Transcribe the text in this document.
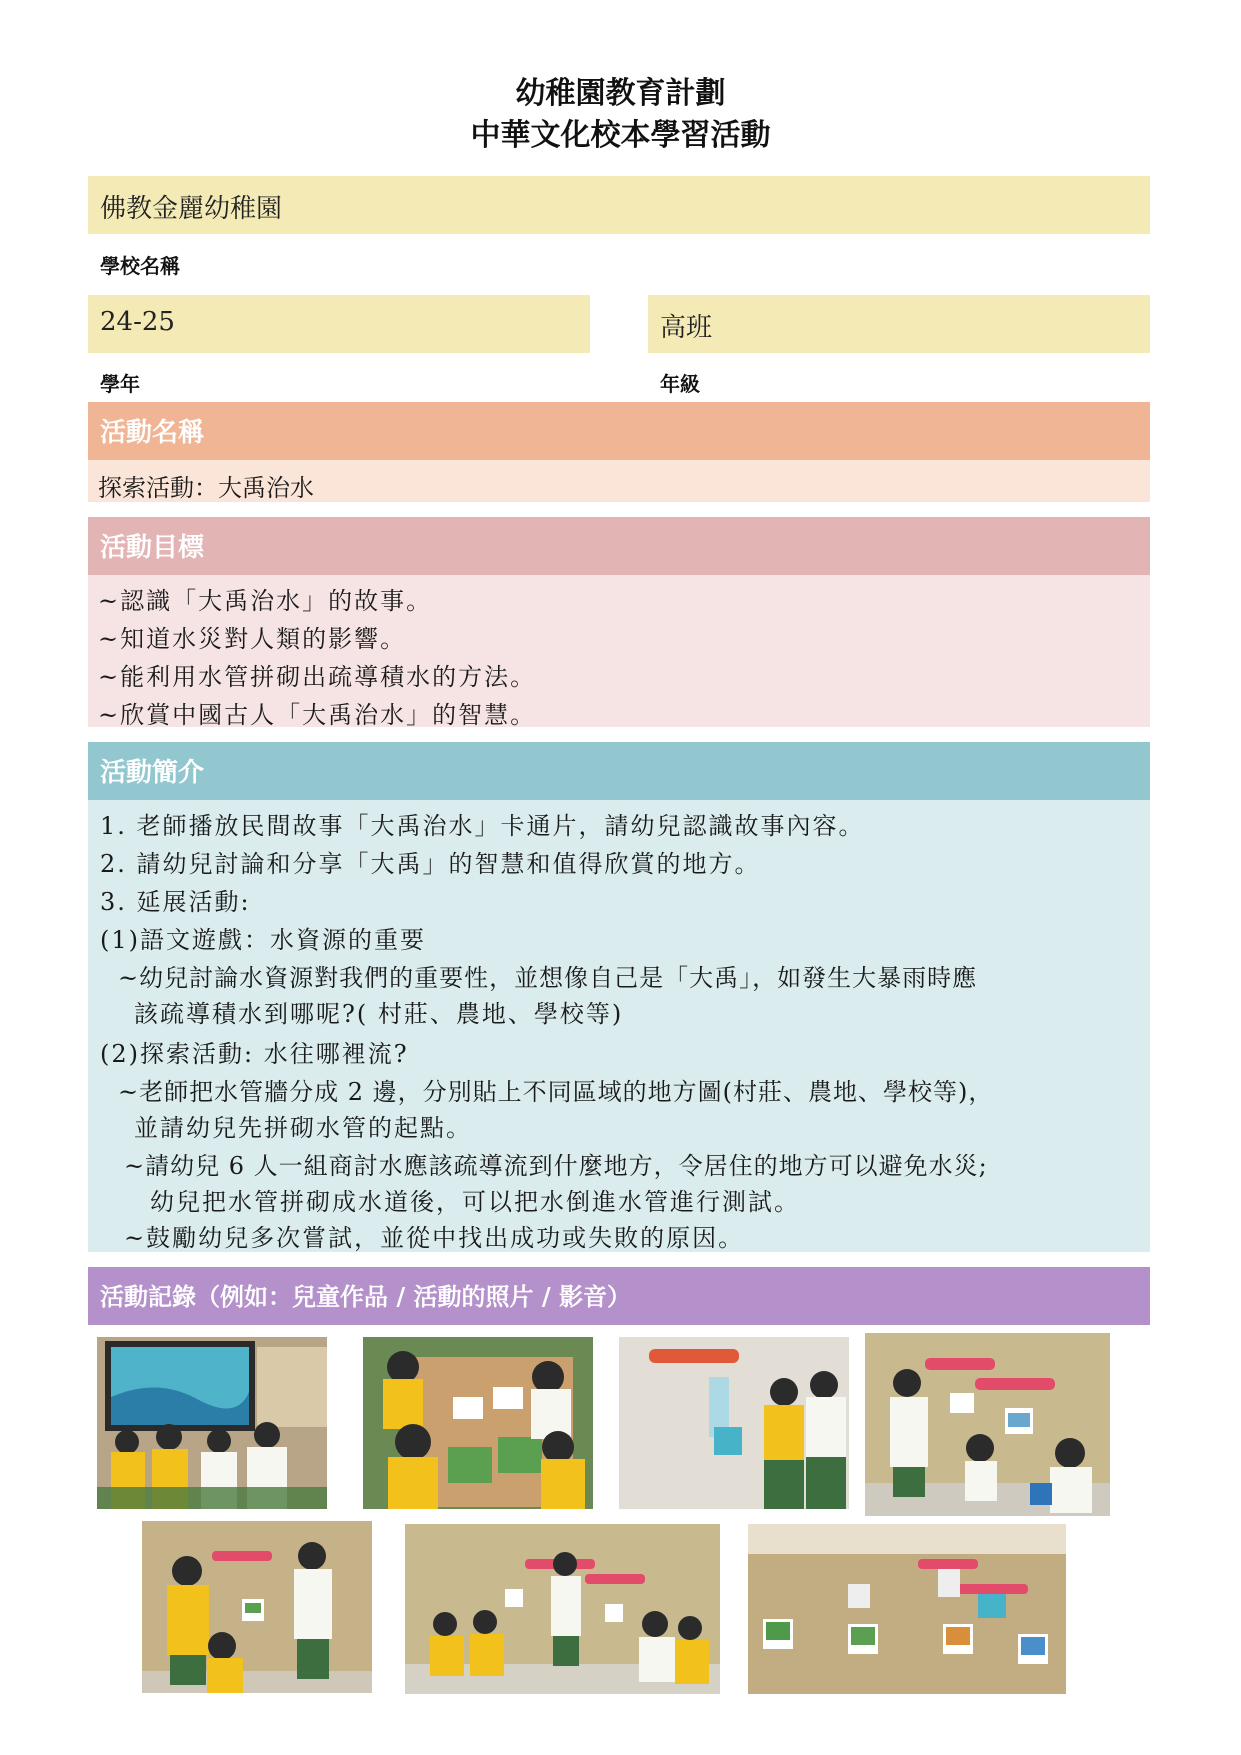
幼稚園教育計劃
中華文化校本學習活動
佛教金麗幼稚園
學校名稱
24-25	高班
學年	年級
活動名稱
探索活動：大禹治水
活動目標
~認識「大禹治水」的故事。
~知道水災對人類的影響。
~能利用水管拼砌出疏導積水的方法。
~欣賞中國古人「大禹治水」的智慧。
活動簡介
1. 老師播放民間故事「大禹治水」卡通片，請幼兒認識故事內容。
2. 請幼兒討論和分享「大禹」的智慧和值得欣賞的地方。
3. 延展活動:
(1)語文遊戲：水資源的重要
~幼兒討論水資源對我們的重要性，並想像自己是「大禹」，如發生大暴雨時應
該疏導積水到哪呢?( 村莊、農地、學校等)
(2)探索活動: 水往哪裡流?
~老師把水管牆分成 2 邊，分別貼上不同區域的地方圖(村莊、農地、學校等)，
並請幼兒先拼砌水管的起點。
~請幼兒 6 人一組商討水應該疏導流到什麼地方，令居住的地方可以避免水災;
幼兒把水管拼砌成水道後，可以把水倒進水管進行測試。
~鼓勵幼兒多次嘗試，並從中找出成功或失敗的原因。
活動記錄（例如：兒童作品 / 活動的照片 / 影音）
